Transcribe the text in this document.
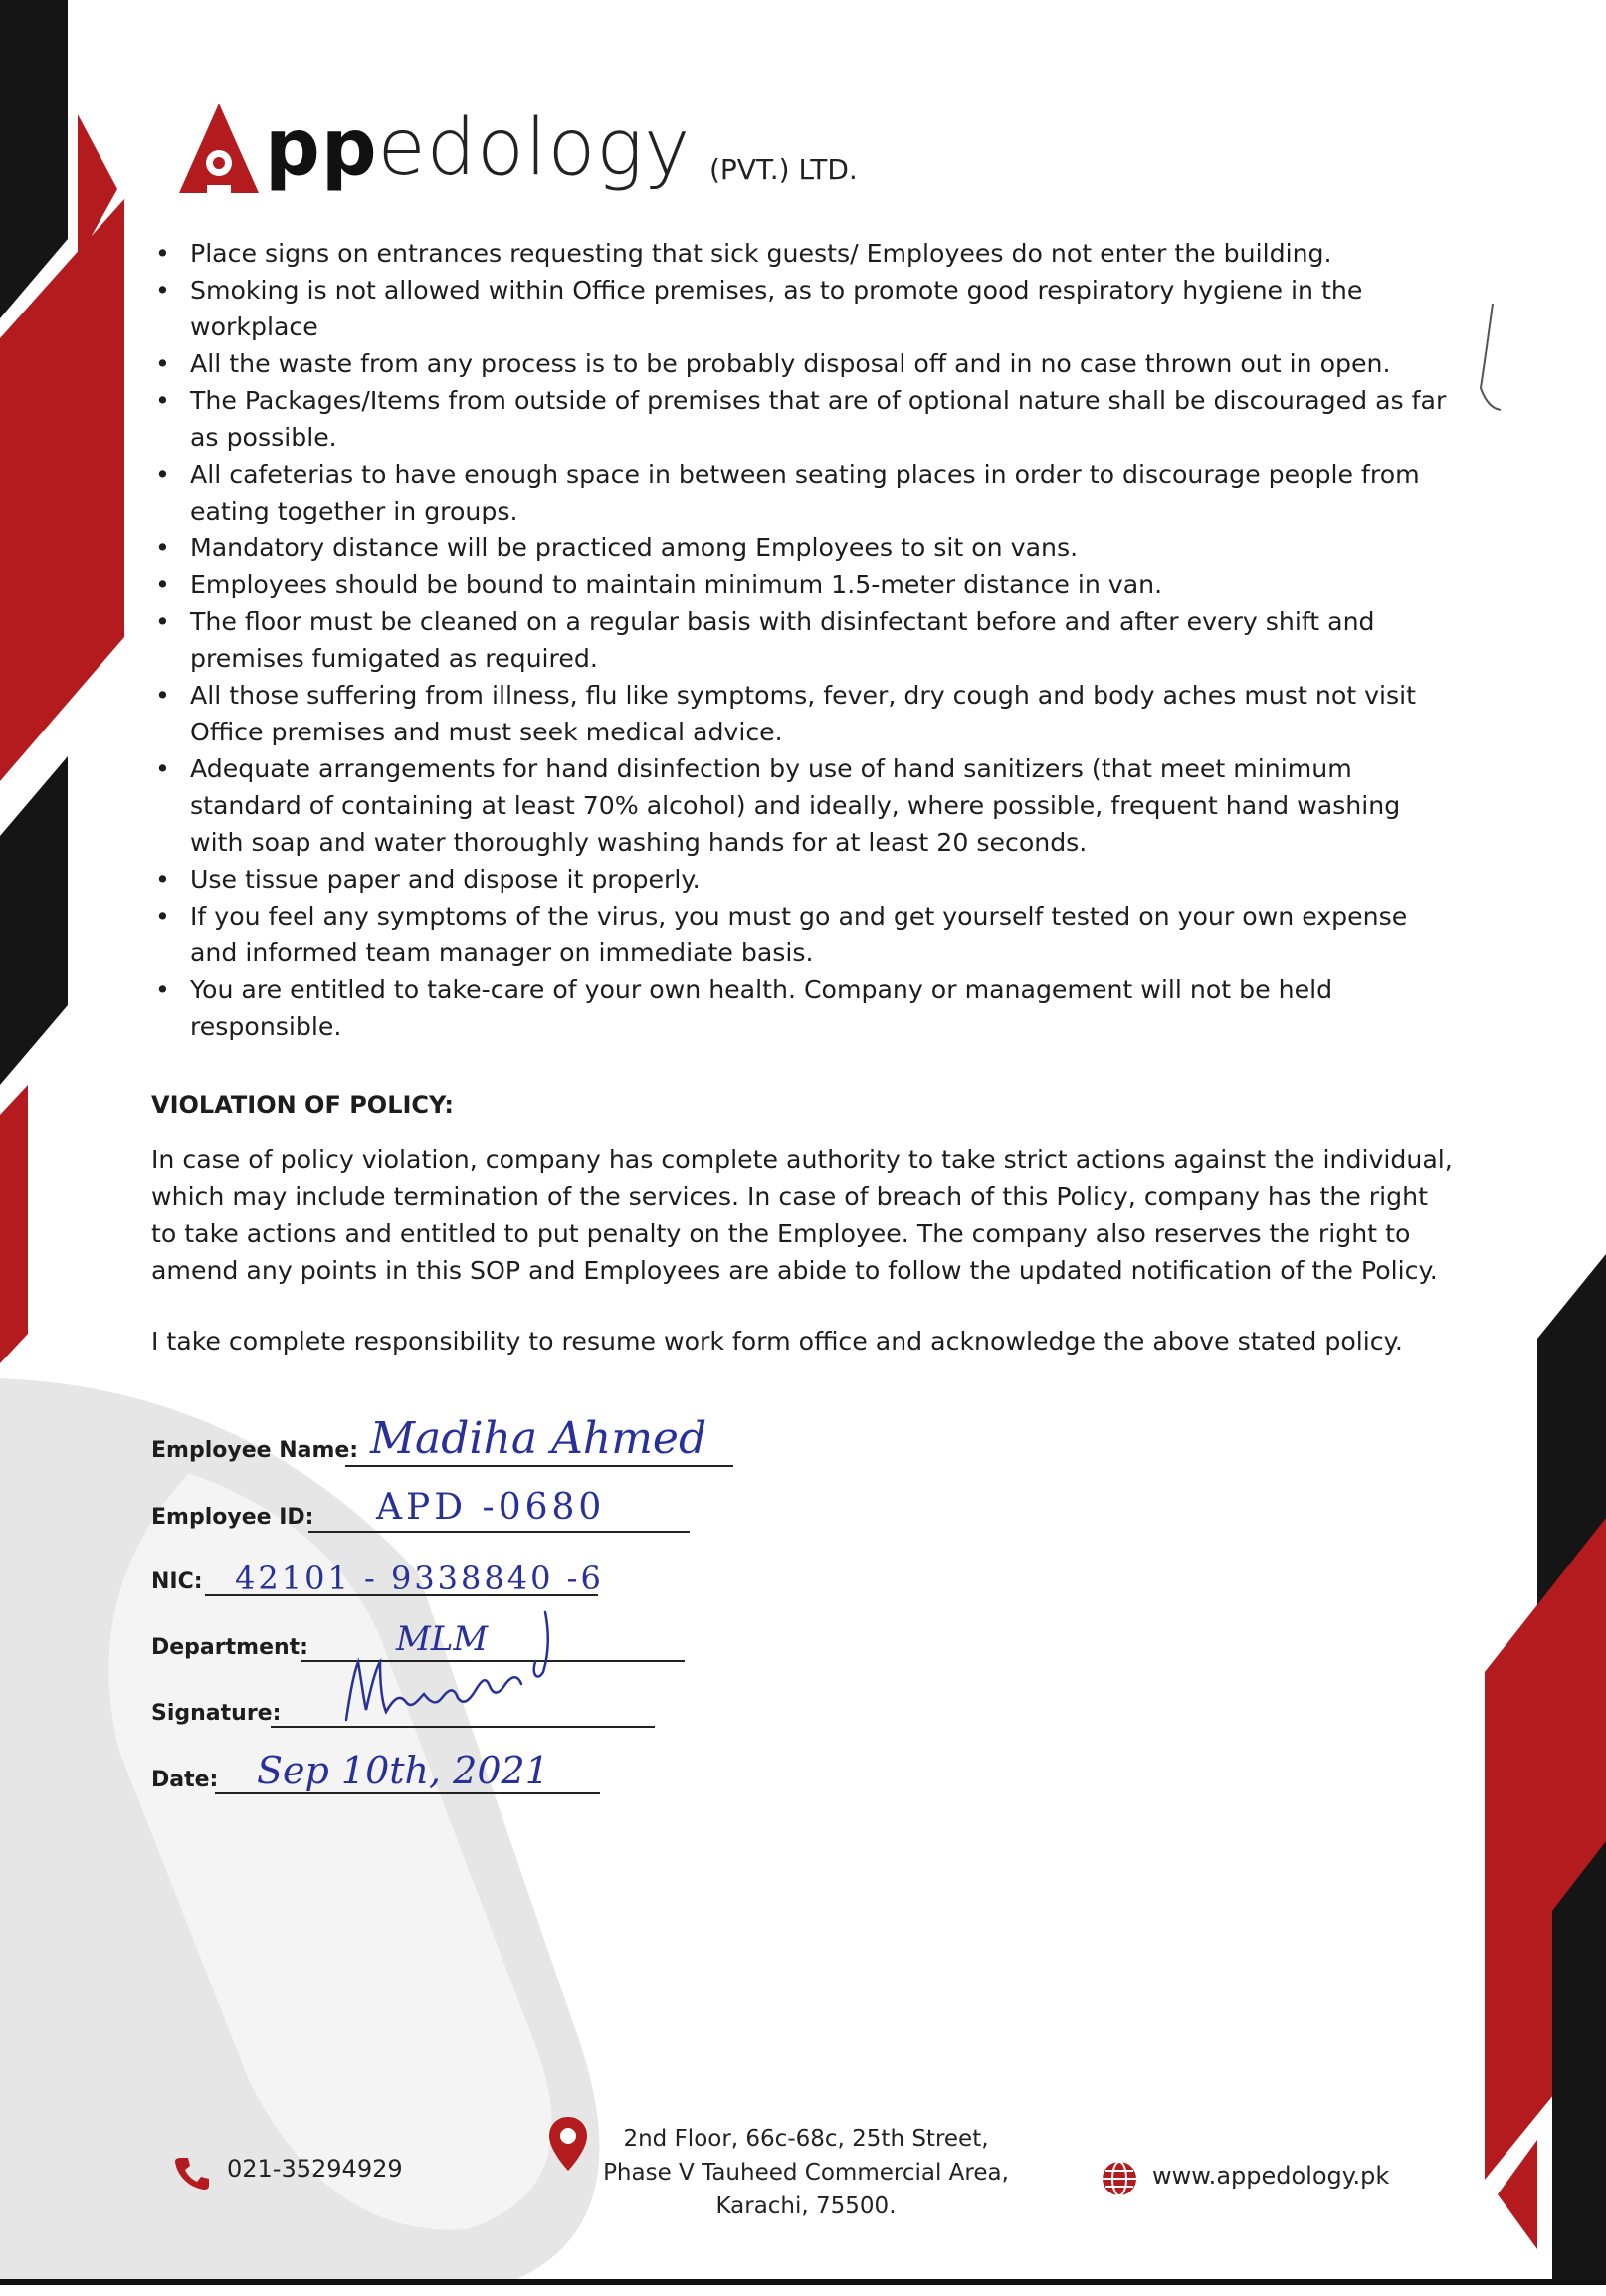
ppedology (PVT.) LTD.
• Place signs on entrances requesting that sick guests/ Employees do not enter the building.
• Smoking is not allowed within Office premises, as to promote good respiratory hygiene in the workplace
• All the waste from any process is to be probably disposal off and in no case thrown out in open.
• The Packages/Items from outside of premises that are of optional nature shall be discouraged as far as possible.
• All cafeterias to have enough space in between seating places in order to discourage people from eating together in groups.
• Mandatory distance will be practiced among Employees to sit on vans.
• Employees should be bound to maintain minimum 1.5-meter distance in van.
• The floor must be cleaned on a regular basis with disinfectant before and after every shift and premises fumigated as required.
• All those suffering from illness, flu like symptoms, fever, dry cough and body aches must not visit Office premises and must seek medical advice.
• Adequate arrangements for hand disinfection by use of hand sanitizers (that meet minimum standard of containing at least 70% alcohol) and ideally, where possible, frequent hand washing with soap and water thoroughly washing hands for at least 20 seconds.
• Use tissue paper and dispose it properly.
• If you feel any symptoms of the virus, you must go and get yourself tested on your own expense and informed team manager on immediate basis.
• You are entitled to take-care of your own health. Company or management will not be held responsible.
VIOLATION OF POLICY:
In case of policy violation, company has complete authority to take strict actions against the individual, which may include termination of the services. In case of breach of this Policy, company has the right to take actions and entitled to put penalty on the Employee. The company also reserves the right to amend any points in this SOP and Employees are abide to follow the updated notification of the Policy.
I take complete responsibility to resume work form office and acknowledge the above stated policy.
Employee Name: Madiha Ahmed
Employee ID: APD -0680
NIC: 42101 - 9338840 -6
Department:	MLM
Signature:
Date: Sep 10th, 2021
021-35294929
2nd Floor, 66c-68c, 25th Street,
Phase V Tauheed Commercial Area,
Karachi, 75500.
www.appedology.pk
